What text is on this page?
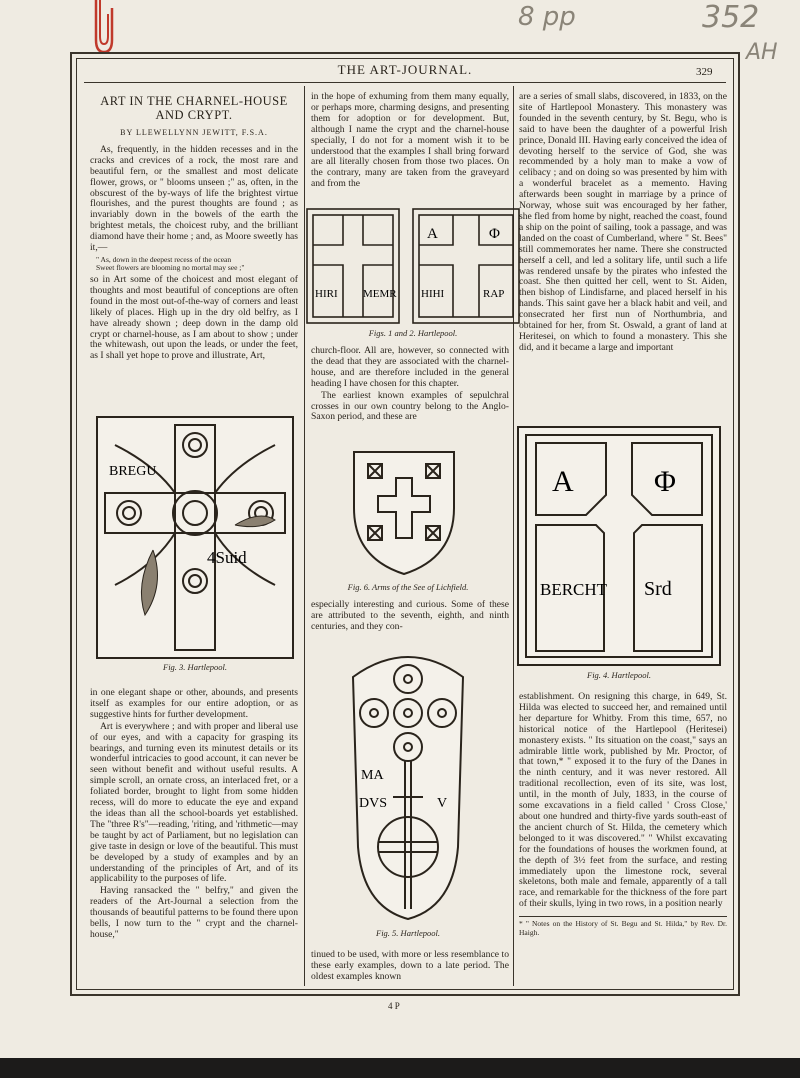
8 pp	352
AH
THE ART-JOURNAL.	329
ART IN THE CHARNEL-HOUSE
AND CRYPT.
BY LLEWELLYNN JEWITT, F.S.A.

As, frequently, in the hidden recesses and in the cracks and crevices of a rock, the most rare and beautiful fern, or the smallest and most delicate flower, grows, or " blooms unseen ;" as, often, in the obscurest of the by-ways of life the brightest virtue flourishes, and the purest thoughts are found ; as invariably down in the bowels of the earth the brightest metals, the choicest ruby, and the brilliant diamond have their home ; and, as Moore sweetly has it,—

" As, down in the deepest recess of the ocean
Sweet flowers are blooming no mortal may see ;"

so in Art some of the choicest and most elegant of thoughts and most beautiful of conceptions are often found in the most out-of-the-way of corners and least likely of places. High up in the dry old belfry, as I have already shown ; deep down in the damp old crypt or charnel-house, as I am about to show ; under the whitewash, out upon the leads, or under the feet, as I shall yet hope to prove and illustrate, Art,

BREGU
4Suid
Fig. 3. Hartlepool.

in one elegant shape or other, abounds, and presents itself as examples for our entire adoption, or as suggestive hints for further development.

Art is everywhere ; and with proper and liberal use of our eyes, and with a capacity for grasping its bearings, and turning even its minutest details or its wonderful intricacies to good account, it can never be seen without benefit and without useful results. A simple scroll, an ornate cross, an interlaced fret, or a foliated border, brought to light from some hidden recess, will do more to educate the eye and expand the ideas than all the school-boards yet established. The "three R's"—reading, 'riting, and 'rithmetic—may be taught by act of Parliament, but no legislation can give taste in design or love of the beautiful. This must be developed by a study of examples and by an understanding of the principles of Art, and of its applicability to the purposes of life.

Having ransacked the " belfry," and given the readers of the Art-Journal a selection from the thousands of beautiful patterns to be found there upon bells, I now turn to the " crypt and the charnel-house,"

in the hope of exhuming from them many equally, or perhaps more, charming designs, and presenting them for adoption or for development. But, although I name the crypt and the charnel-house specially, I do not for a moment wish it to be understood that the examples I shall bring forward are all literally chosen from those two places. On the contrary, many are taken from the graveyard and from the

HIRI MEMR
A	Φ
HIHI	RAP
Figs. 1 and 2. Hartlepool.

church-floor. All are, however, so connected with the dead that they are associated with the charnel-house, and are therefore included in the general heading I have chosen for this chapter.

The earliest known examples of sepulchral crosses in our own country belong to the Anglo-Saxon period, and these are

Fig. 6. Arms of the See of Lichfield.

especially interesting and curious. Some of these are attributed to the seventh, eighth, and ninth centuries, and they con-

MA
DVS	V
Fig. 5. Hartlepool.

tinued to be used, with more or less resemblance to these early examples, down to a late period. The oldest examples known

are a series of small slabs, discovered, in 1833, on the site of Hartlepool Monastery. This monastery was founded in the seventh century, by St. Begu, who is said to have been the daughter of a powerful Irish prince, Donald III. Having early conceived the idea of devoting herself to the service of God, she was recommended by a holy man to make a vow of celibacy ; and on doing so was presented by him with a wonderful bracelet as a memento. Having afterwards been sought in marriage by a prince of Norway, whose suit was encouraged by her father, she fled from home by night, reached the coast, found a ship on the point of sailing, took a passage, and was landed on the coast of Cumberland, where " St. Bees" still commemorates her name. There she constructed herself a cell, and led a solitary life, until such a life was rendered unsafe by the pirates who infested the coast. She then quitted her cell, went to St. Aiden, then bishop of Lindisfarne, and placed herself in his hands. This saint gave her a black habit and veil, and consecrated her first nun of Northumbria, and obtained for her, from St. Oswald, a grant of land at Heritesei, on which to found a monastery. This she did, and it became a large and important

A	Φ
BERCHT Srd
Fig. 4. Hartlepool.

establishment. On resigning this charge, in 649, St. Hilda was elected to succeed her, and remained until her departure for Whitby. From this time, 657, no historical notice of the Hartlepool (Heritesei) monastery exists. " Its situation on the coast," says an admirable little work, published by Mr. Proctor, of that town,* " exposed it to the fury of the Danes in the ninth century, and it was never restored. All traditional recollection, even of its site, was lost, until, in the month of July, 1833, in the course of some excavations in a field called ' Cross Close,' about one hundred and thirty-five yards south-east of the ancient church of St. Hilda, the cemetery which belonged to it was discovered." " Whilst excavating for the foundations of houses the workmen found, at the depth of 3½ feet from the surface, and resting immediately upon the limestone rock, several skeletons, both male and female, apparently of a tall race, and remarkable for the thickness of the fore part of their skulls, lying in two rows, in a position nearly

* " Notes on the History of St. Begu and St. Hilda," by Rev. Dr. Haigh.
4 P
